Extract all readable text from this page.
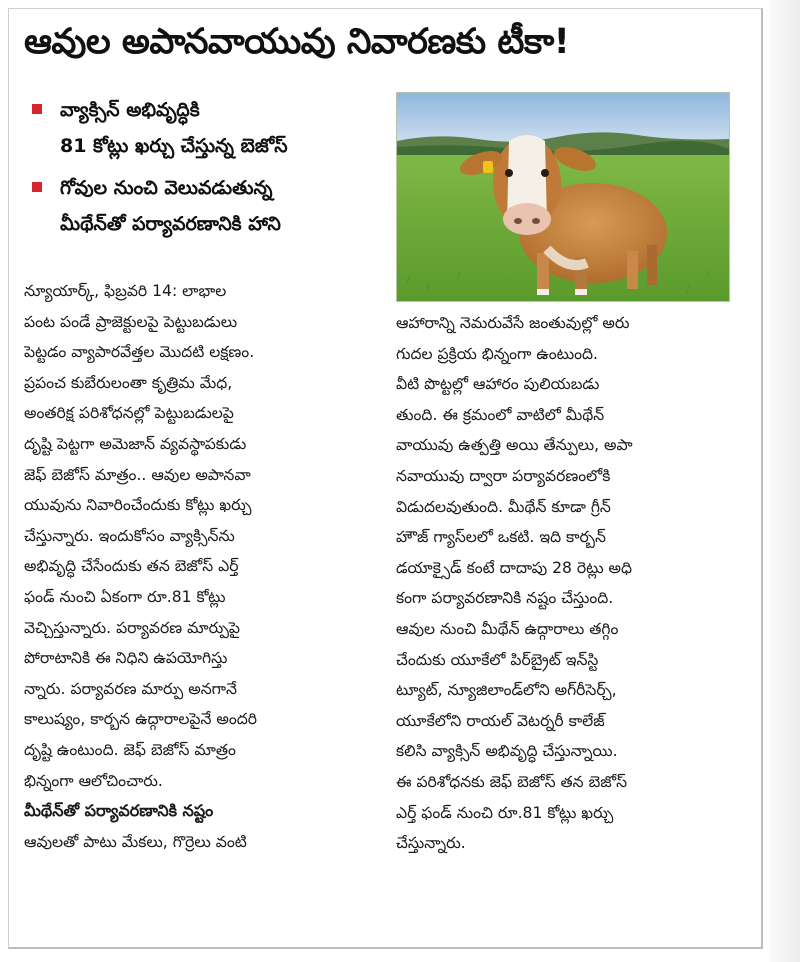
ఆవుల అపానవాయువు నివారణకు టీకా!
వ్యాక్సిన్ అభివృద్ధికి
81 కోట్లు ఖర్చు చేస్తున్న బెజోస్
గోవుల నుంచి వెలువడుతున్న
మీథేన్‌తో పర్యావరణానికి హాని
న్యూయార్క్, ఫిబ్రవరి 14: లాభాల
పంట పండే ప్రాజెక్టులపై పెట్టుబడులు
పెట్టడం వ్యాపారవేత్తల మొదటి లక్షణం.
ప్రపంచ కుబేరులంతా కృత్రిమ మేధ,
అంతరిక్ష పరిశోధనల్లో పెట్టుబడులపై
దృష్టి పెట్టగా అమెజాన్ వ్యవస్థాపకుడు
జెఫ్ బెజోస్ మాత్రం.. ఆవుల అపానవా
యువును నివారించేందుకు కోట్లు ఖర్చు
చేస్తున్నారు. ఇందుకోసం వ్యాక్సిన్‌ను
అభివృద్ధి చేసేందుకు తన బెజోస్ ఎర్త్
ఫండ్ నుంచి ఏకంగా రూ.81 కోట్లు
వెచ్చిస్తున్నారు. పర్యావరణ మార్పుపై
పోరాటానికి ఈ నిధిని ఉపయోగిస్తు
న్నారు. పర్యావరణ మార్పు అనగానే
కాలుష్యం, కార్బన ఉద్గారాలపైనే అందరి
దృష్టి ఉంటుంది. జెఫ్ బెజోస్ మాత్రం
భిన్నంగా ఆలోచించారు.
మీథేన్‌తో పర్యావరణానికి నష్టం
ఆవులతో పాటు మేకలు, గొర్రెలు వంటి
ఆహారాన్ని నెమరువేసే జంతువుల్లో అరు
గుదల ప్రక్రియ భిన్నంగా ఉంటుంది.
వీటి పొట్టల్లో ఆహారం పులియబడు
తుంది. ఈ క్రమంలో వాటిలో మీథేన్
వాయువు ఉత్పత్తి అయి తేన్పులు, అపా
నవాయువు ద్వారా పర్యావరణంలోకి
విడుదలవుతుంది. మీథేన్ కూడా గ్రీన్
హౌజ్ గ్యాస్‌లలో ఒకటి. ఇది కార్బన్
డయాక్సైడ్ కంటే దాదాపు 28 రెట్లు అధి
కంగా పర్యావరణానికి నష్టం చేస్తుంది.
ఆవుల నుంచి మీథేన్ ఉద్గారాలు తగ్గిం
చేందుకు యూకేలో పిర్‌బ్రైట్ ఇన్‌స్టి
ట్యూట్, న్యూజిలాండ్‌లోని అగ్‌రీసెర్చ్,
యూకేలోని రాయల్ వెటర్నరీ కాలేజ్
కలిసి వ్యాక్సిన్ అభివృద్ధి చేస్తున్నాయి.
ఈ పరిశోధనకు జెఫ్ బెజోస్ తన బెజోస్
ఎర్త్ ఫండ్ నుంచి రూ.81 కోట్లు ఖర్చు
చేస్తున్నారు.
